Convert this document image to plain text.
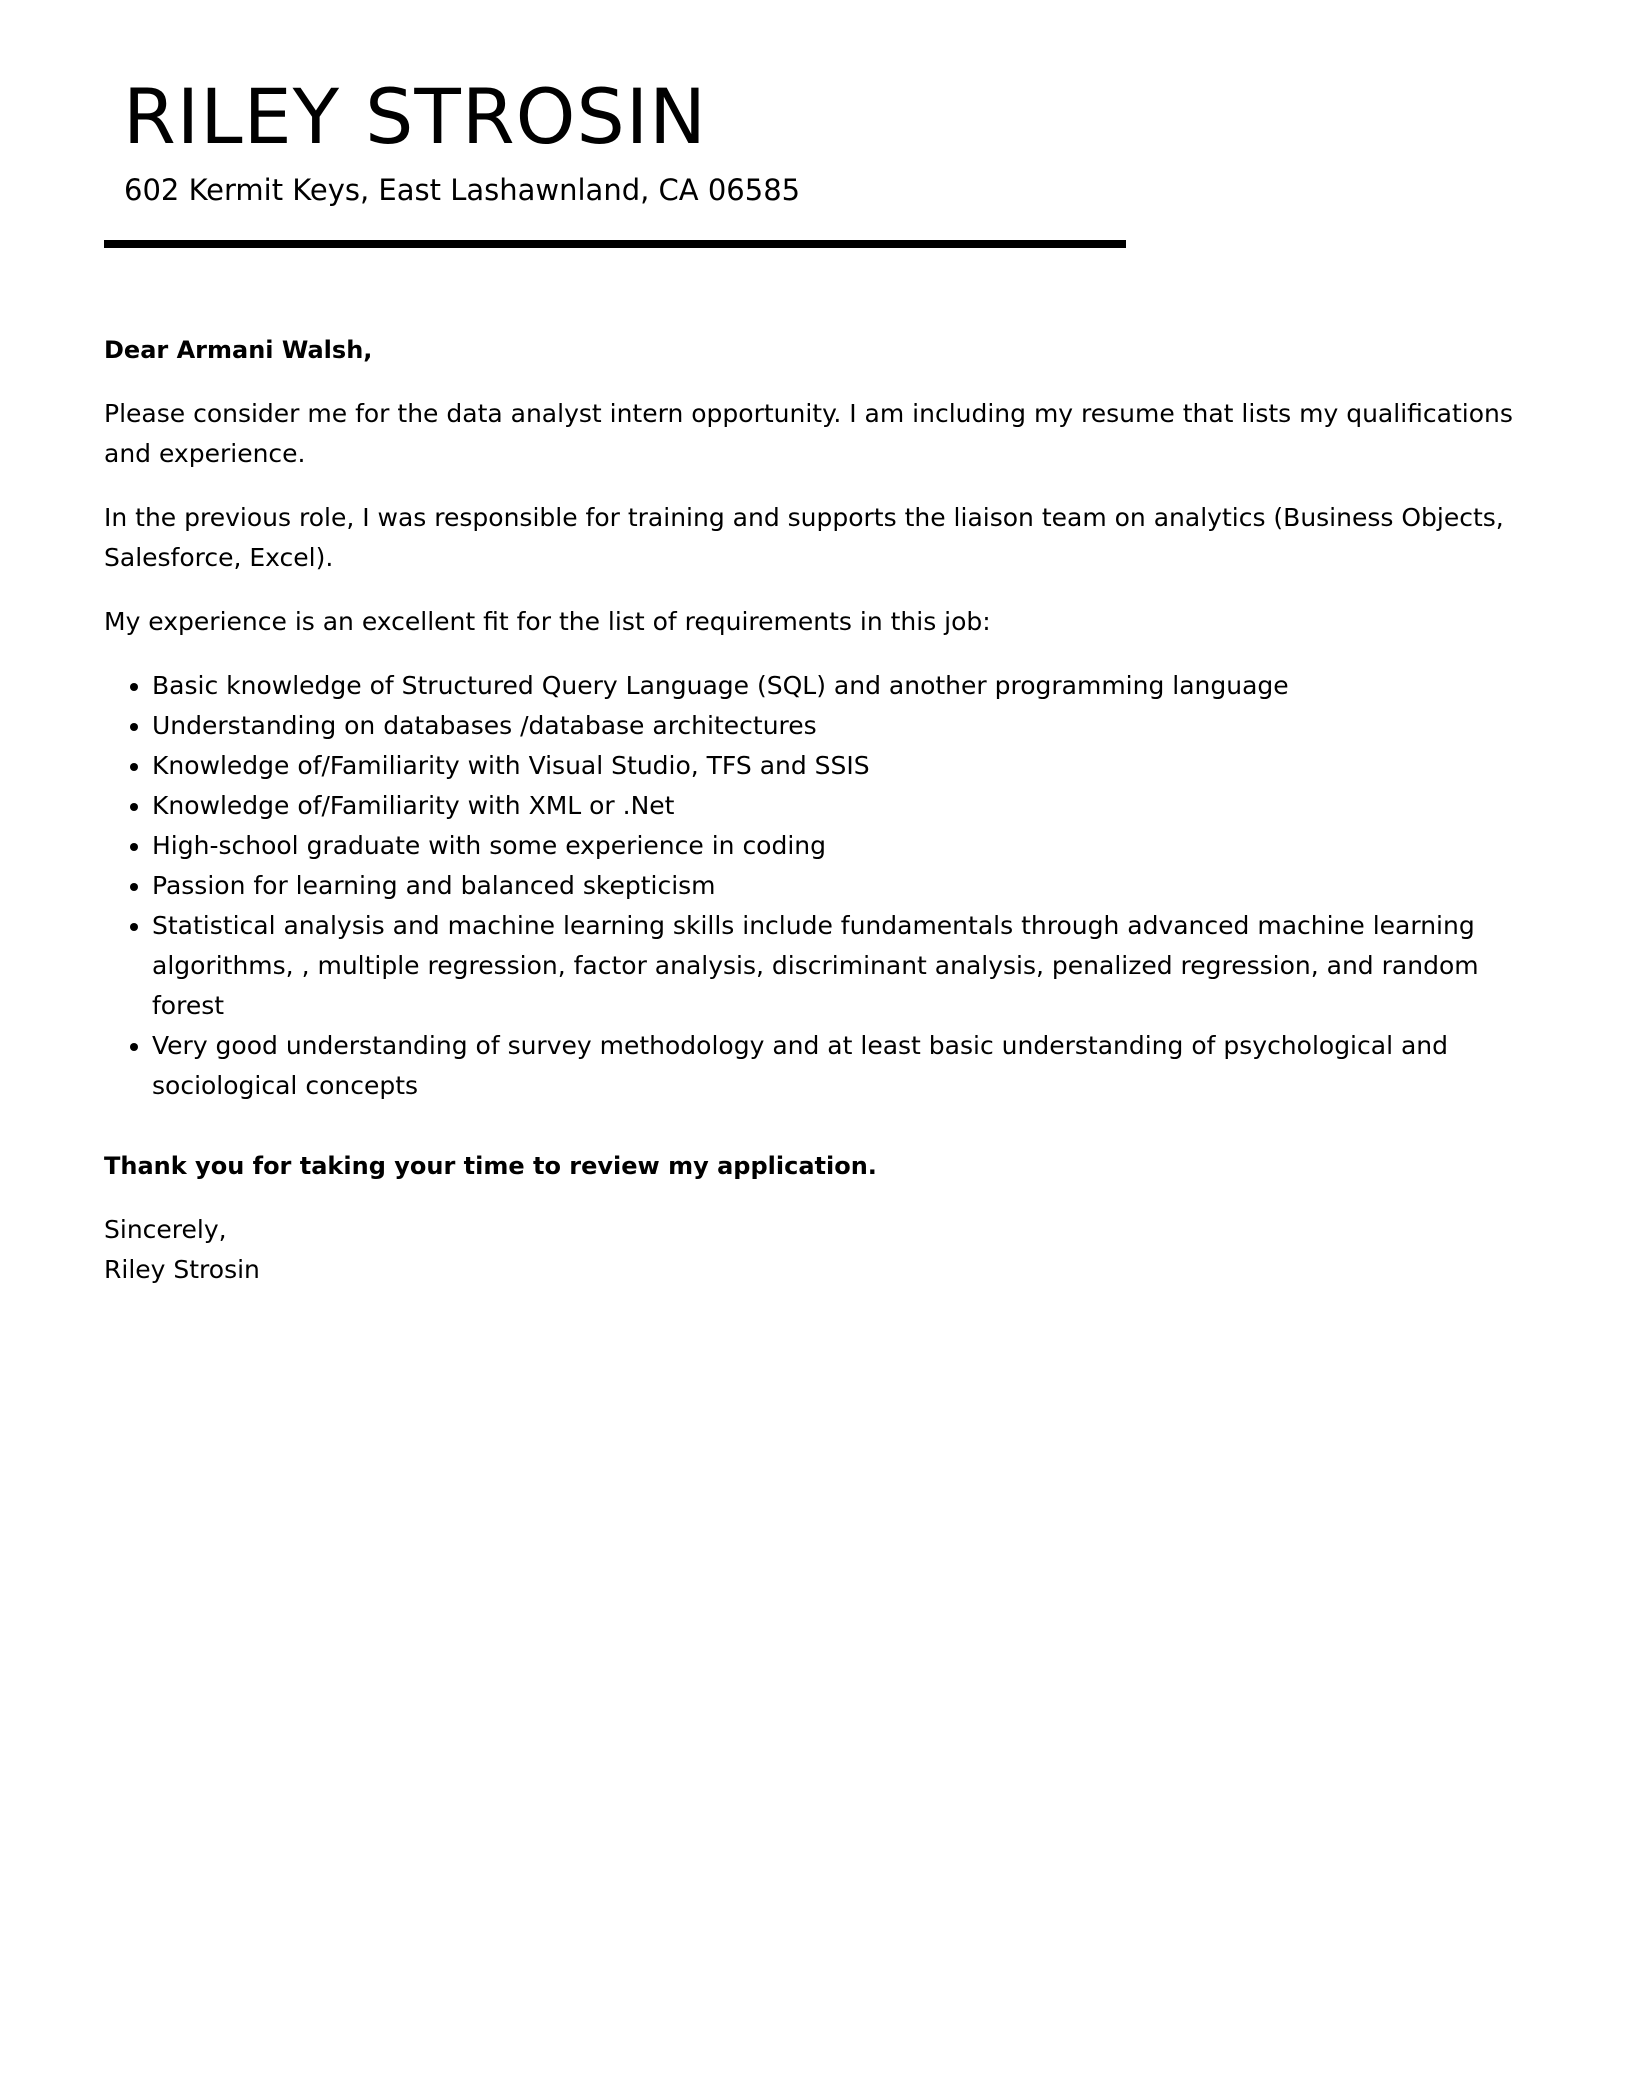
RILEY STROSIN

602 Kermit Keys, East Lashawnland, CA 06585

Dear Armani Walsh,

Please consider me for the data analyst intern opportunity. I am including my resume that lists my qualifications and experience.

In the previous role, I was responsible for training and supports the liaison team on analytics (Business Objects, Salesforce, Excel).

My experience is an excellent fit for the list of requirements in this job:

• Basic knowledge of Structured Query Language (SQL) and another programming language
• Understanding on databases /database architectures
• Knowledge of/Familiarity with Visual Studio, TFS and SSIS
• Knowledge of/Familiarity with XML or .Net
• High-school graduate with some experience in coding
• Passion for learning and balanced skepticism
• Statistical analysis and machine learning skills include fundamentals through advanced machine learning algorithms, , multiple regression, factor analysis, discriminant analysis, penalized regression, and random forest
• Very good understanding of survey methodology and at least basic understanding of psychological and sociological concepts

Thank you for taking your time to review my application.

Sincerely,
Riley Strosin
